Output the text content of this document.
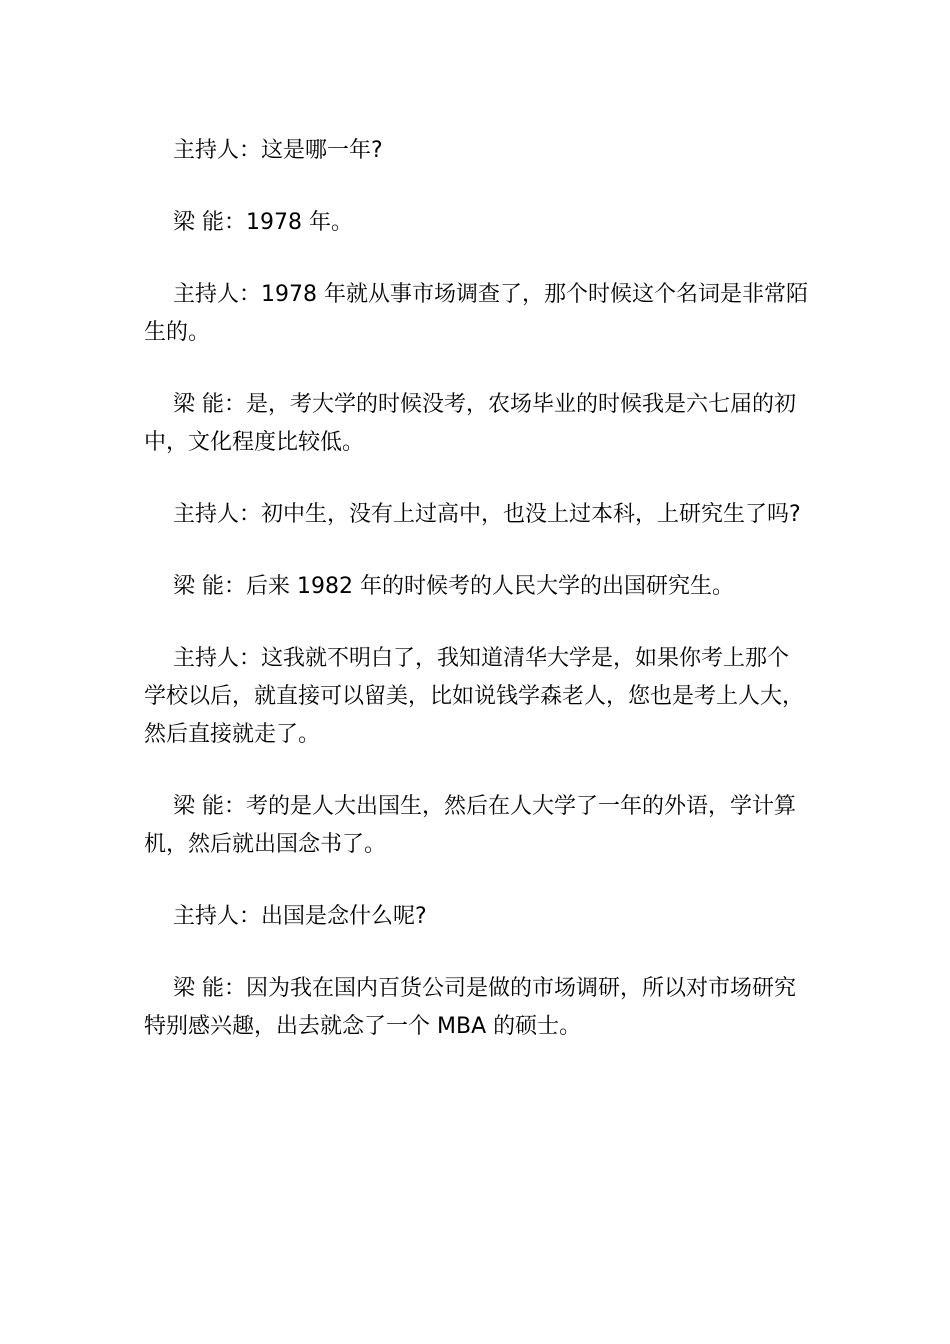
主持人：这是哪一年?

梁 能：1978 年。

主持人：1978 年就从事市场调查了，那个时候这个名词是非常陌生的。

梁 能：是，考大学的时候没考，农场毕业的时候我是六七届的初中，文化程度比较低。

主持人：初中生，没有上过高中，也没上过本科，上研究生了吗?

梁 能：后来 1982 年的时候考的人民大学的出国研究生。

主持人：这我就不明白了，我知道清华大学是，如果你考上那个学校以后，就直接可以留美，比如说钱学森老人，您也是考上人大，然后直接就走了。

梁 能：考的是人大出国生，然后在人大学了一年的外语，学计算机，然后就出国念书了。

主持人：出国是念什么呢?

梁 能：因为我在国内百货公司是做的市场调研，所以对市场研究特别感兴趣，出去就念了一个 MBA 的硕士。
